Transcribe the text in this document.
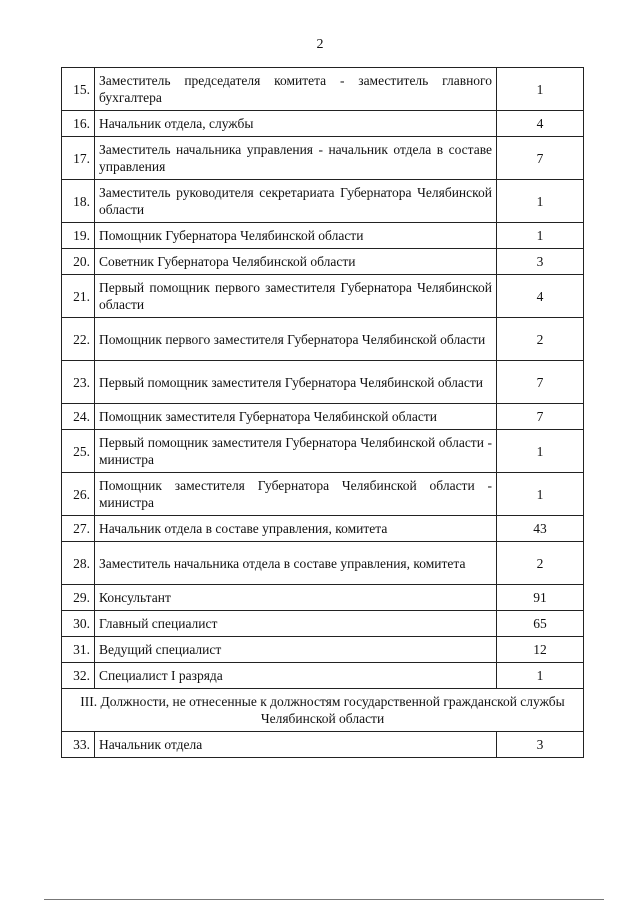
2
15.	Заместитель председателя комитета - заместитель главного бухгалтера	1
16.	Начальник отдела, службы	4
17.	Заместитель начальника управления - начальник отдела в составе управления	7
18.	Заместитель руководителя секретариата Губернатора Челябинской области	1
19.	Помощник Губернатора Челябинской области	1
20.	Советник Губернатора Челябинской области	3
21.	Первый помощник первого заместителя Губернатора Челябинской области	4
22.	Помощник первого заместителя Губернатора Челябинской области	2
23.	Первый помощник заместителя Губернатора Челябинской области	7
24.	Помощник заместителя Губернатора Челябинской области	7
25.	Первый помощник заместителя Губернатора Челябинской области - министра	1
26.	Помощник заместителя Губернатора Челябинской области - министра	1
27.	Начальник отдела в составе управления, комитета	43
28.	Заместитель начальника отдела в составе управления, комитета	2
29.	Консультант	91
30.	Главный специалист	65
31.	Ведущий специалист	12
32.	Специалист I разряда	1
III. Должности, не отнесенные к должностям государственной гражданской службы Челябинской области		
33.	Начальник отдела	3
